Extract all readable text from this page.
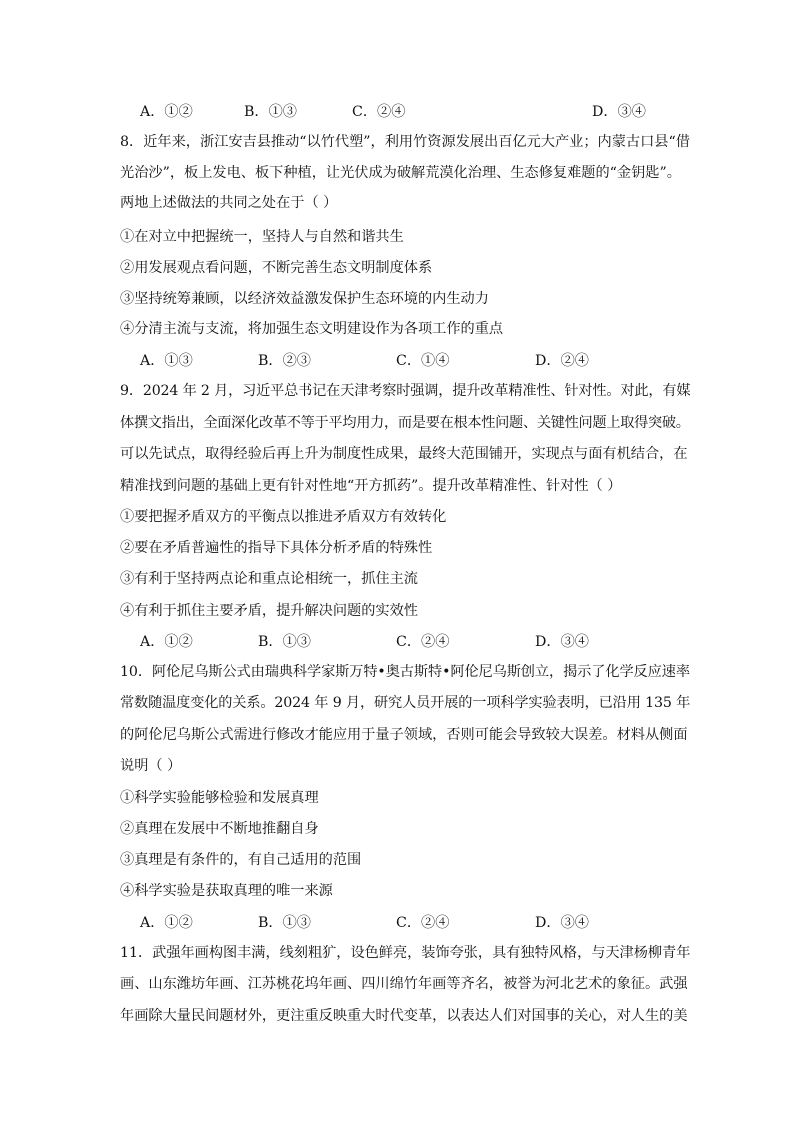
A．①②	B．①③	C．②④	D．③④
8．近年来，浙江安吉县推动“以竹代塑”，利用竹资源发展出百亿元大产业；内蒙古口县“借
光治沙”，板上发电、板下种植，让光伏成为破解荒漠化治理、生态修复难题的“金钥匙”。
两地上述做法的共同之处在于（ ）
①在对立中把握统一，坚持人与自然和谐共生
②用发展观点看问题，不断完善生态文明制度体系
③坚持统筹兼顾，以经济效益激发保护生态环境的内生动力
④分清主流与支流，将加强生态文明建设作为各项工作的重点
A．①③	B．②③	C．①④	D．②④
9．2024 年 2 月，习近平总书记在天津考察时强调，提升改革精准性、针对性。对此，有媒
体撰文指出，全面深化改革不等于平均用力，而是要在根本性问题、关键性问题上取得突破。
可以先试点，取得经验后再上升为制度性成果，最终大范围铺开，实现点与面有机结合，在
精准找到问题的基础上更有针对性地“开方抓药”。提升改革精准性、针对性（ ）
①要把握矛盾双方的平衡点以推进矛盾双方有效转化
②要在矛盾普遍性的指导下具体分析矛盾的特殊性
③有利于坚持两点论和重点论相统一，抓住主流
④有利于抓住主要矛盾，提升解决问题的实效性
A．①②	B．①③	C．②④	D．③④
10．阿伦尼乌斯公式由瑞典科学家斯万特•奥古斯特•阿伦尼乌斯创立，揭示了化学反应速率
常数随温度变化的关系。2024 年 9 月，研究人员开展的一项科学实验表明，已沿用 135 年
的阿伦尼乌斯公式需进行修改才能应用于量子领域，否则可能会导致较大误差。材料从侧面
说明（ ）
①科学实验能够检验和发展真理
②真理在发展中不断地推翻自身
③真理是有条件的，有自己适用的范围
④科学实验是获取真理的唯一来源
A．①②	B．①③	C．②④	D．③④
11．武强年画构图丰满，线刻粗犷，设色鲜亮，装饰夸张，具有独特风格，与天津杨柳青年
画、山东潍坊年画、江苏桃花坞年画、四川绵竹年画等齐名，被誉为河北艺术的象征。武强
年画除大量民间题材外，更注重反映重大时代变革，以表达人们对国事的关心，对人生的美
